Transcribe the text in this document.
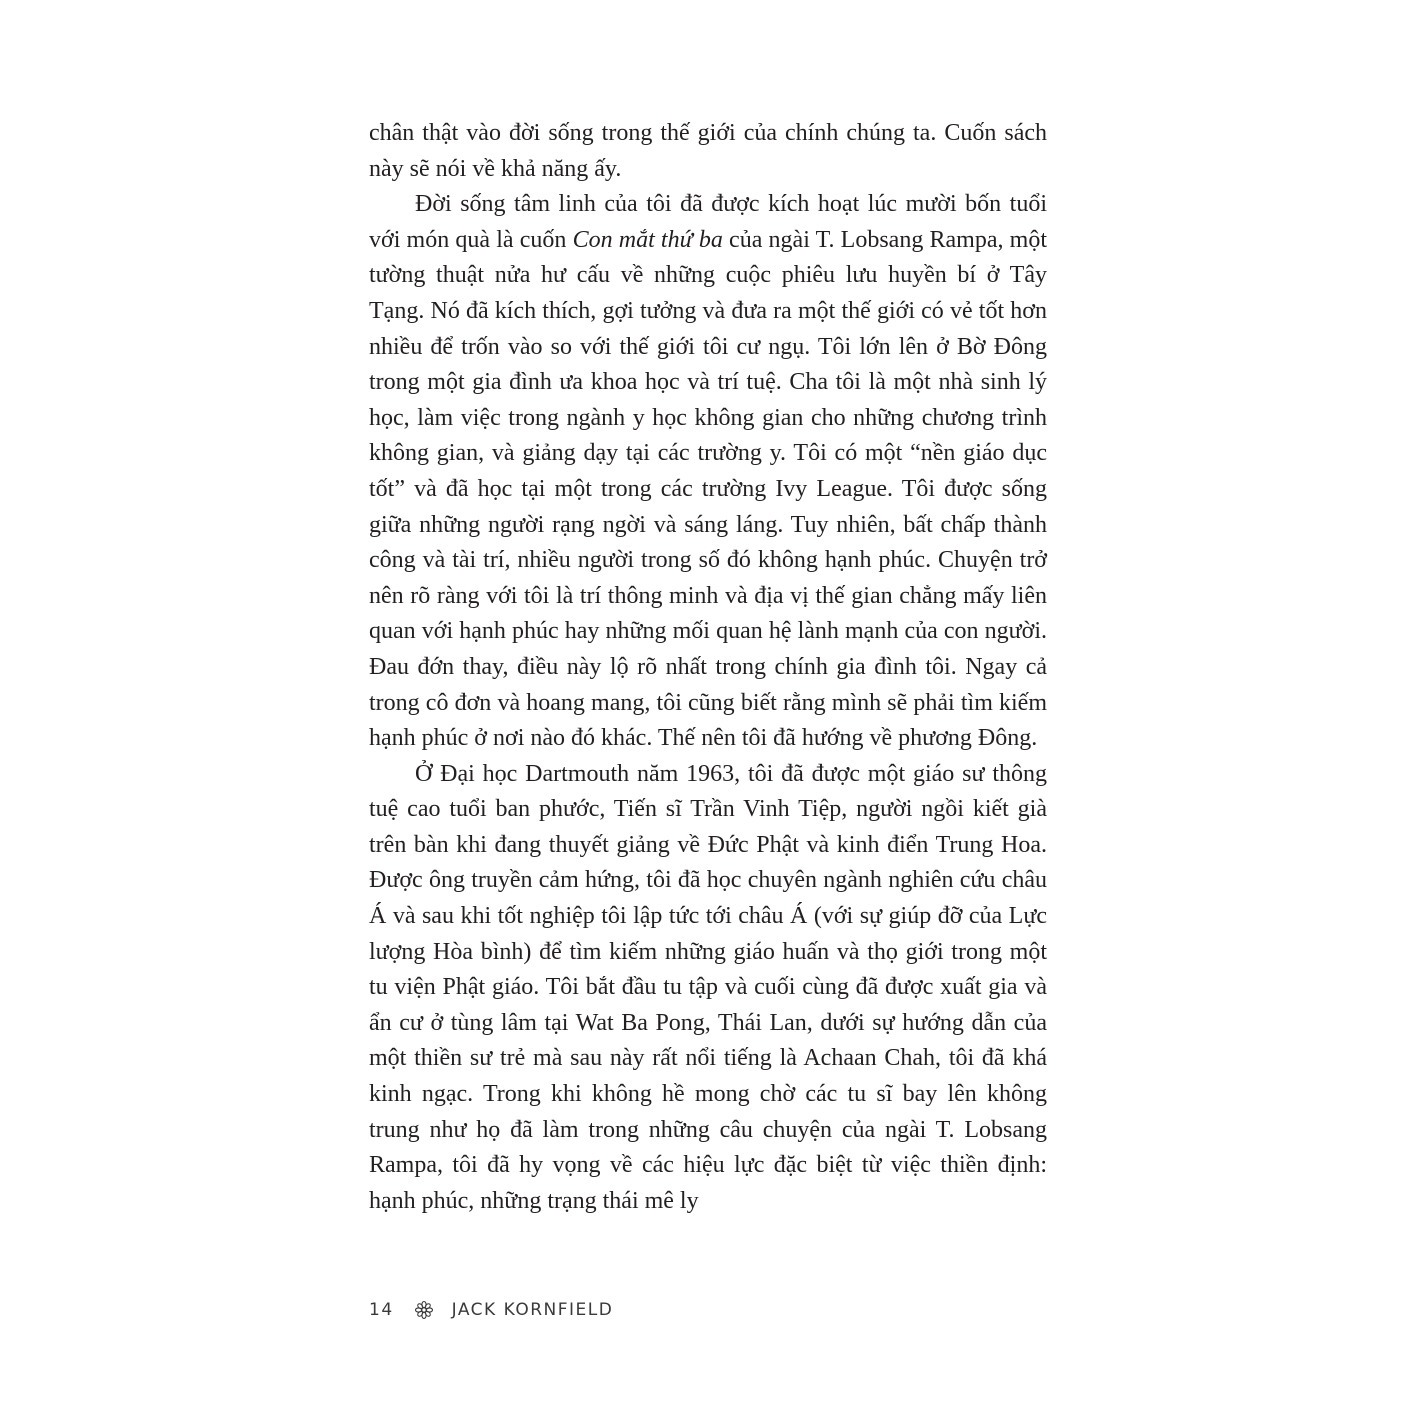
chân thật vào đời sống trong thế giới của chính chúng ta. Cuốn sách này sẽ nói về khả năng ấy.

Đời sống tâm linh của tôi đã được kích hoạt lúc mười bốn tuổi với món quà là cuốn Con mắt thứ ba của ngài T. Lobsang Rampa, một tường thuật nửa hư cấu về những cuộc phiêu lưu huyền bí ở Tây Tạng. Nó đã kích thích, gợi tưởng và đưa ra một thế giới có vẻ tốt hơn nhiều để trốn vào so với thế giới tôi cư ngụ. Tôi lớn lên ở Bờ Đông trong một gia đình ưa khoa học và trí tuệ. Cha tôi là một nhà sinh lý học, làm việc trong ngành y học không gian cho những chương trình không gian, và giảng dạy tại các trường y. Tôi có một “nền giáo dục tốt” và đã học tại một trong các trường Ivy League. Tôi được sống giữa những người rạng ngời và sáng láng. Tuy nhiên, bất chấp thành công và tài trí, nhiều người trong số đó không hạnh phúc. Chuyện trở nên rõ ràng với tôi là trí thông minh và địa vị thế gian chẳng mấy liên quan với hạnh phúc hay những mối quan hệ lành mạnh của con người. Đau đớn thay, điều này lộ rõ nhất trong chính gia đình tôi. Ngay cả trong cô đơn và hoang mang, tôi cũng biết rằng mình sẽ phải tìm kiếm hạnh phúc ở nơi nào đó khác. Thế nên tôi đã hướng về phương Đông.

Ở Đại học Dartmouth năm 1963, tôi đã được một giáo sư thông tuệ cao tuổi ban phước, Tiến sĩ Trần Vinh Tiệp, người ngồi kiết già trên bàn khi đang thuyết giảng về Đức Phật và kinh điển Trung Hoa. Được ông truyền cảm hứng, tôi đã học chuyên ngành nghiên cứu châu Á và sau khi tốt nghiệp tôi lập tức tới châu Á (với sự giúp đỡ của Lực lượng Hòa bình) để tìm kiếm những giáo huấn và thọ giới trong một tu viện Phật giáo. Tôi bắt đầu tu tập và cuối cùng đã được xuất gia và ẩn cư ở tùng lâm tại Wat Ba Pong, Thái Lan, dưới sự hướng dẫn của một thiền sư trẻ mà sau này rất nổi tiếng là Achaan Chah, tôi đã khá kinh ngạc. Trong khi không hề mong chờ các tu sĩ bay lên không trung như họ đã làm trong những câu chuyện của ngài T. Lobsang Rampa, tôi đã hy vọng về các hiệu lực đặc biệt từ việc thiền định: hạnh phúc, những trạng thái mê ly

14	JACK KORNFIELD
